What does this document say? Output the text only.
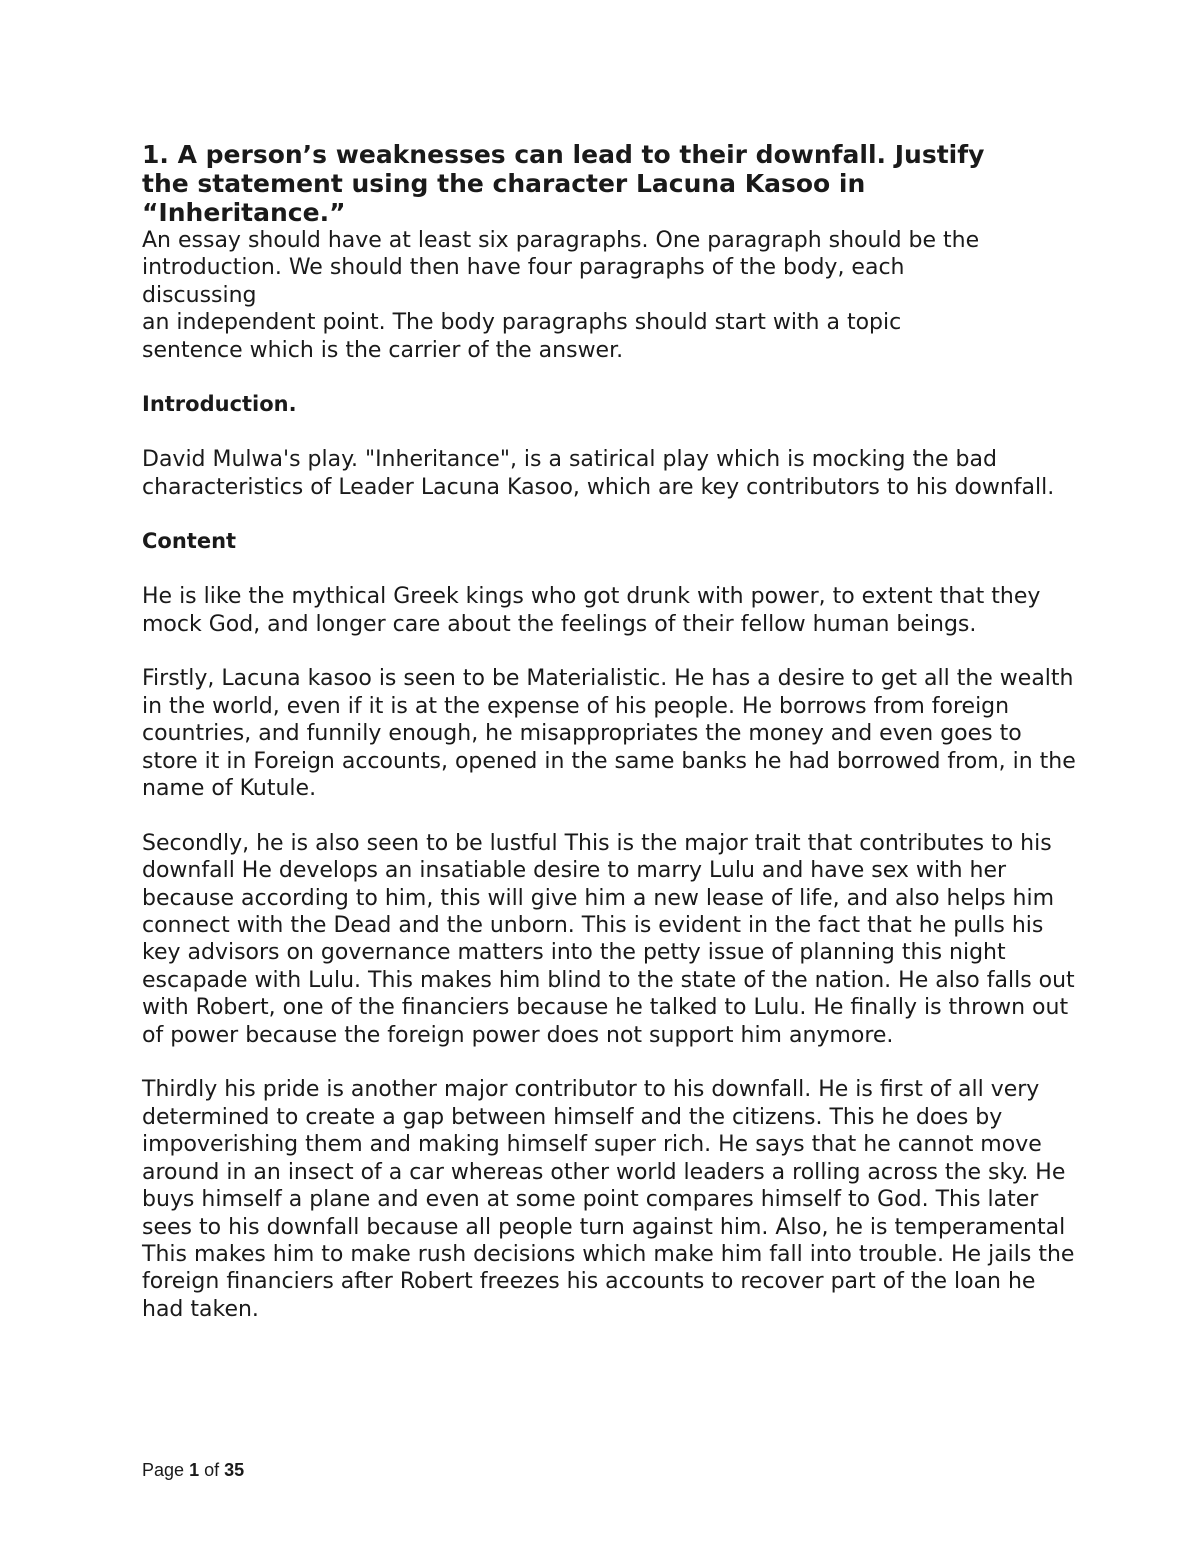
1. A person’s weaknesses can lead to their downfall. Justify
the statement using the character Lacuna Kasoo in
“Inheritance.”

An essay should have at least six paragraphs. One paragraph should be the
introduction. We should then have four paragraphs of the body, each
discussing
an independent point. The body paragraphs should start with a topic
sentence which is the carrier of the answer.

Introduction.

David Mulwa's play. "Inheritance", is a satirical play which is mocking the bad characteristics of Leader Lacuna Kasoo, which are key contributors to his downfall.

Content

He is like the mythical Greek kings who got drunk with power, to extent that they mock God, and longer care about the feelings of their fellow human beings.

Firstly, Lacuna kasoo is seen to be Materialistic. He has a desire to get all the wealth in the world, even if it is at the expense of his people. He borrows from foreign countries, and funnily enough, he misappropriates the money and even goes to store it in Foreign accounts, opened in the same banks he had borrowed from, in the name of Kutule.

Secondly, he is also seen to be lustful This is the major trait that contributes to his downfall He develops an insatiable desire to marry Lulu and have sex with her because according to him, this will give him a new lease of life, and also helps him connect with the Dead and the unborn. This is evident in the fact that he pulls his key advisors on governance matters into the petty issue of planning this night escapade with Lulu. This makes him blind to the state of the nation. He also falls out with Robert, one of the financiers because he talked to Lulu. He finally is thrown out of power because the foreign power does not support him anymore.

Thirdly his pride is another major contributor to his downfall. He is first of all very determined to create a gap between himself and the citizens. This he does by impoverishing them and making himself super rich. He says that he cannot move around in an insect of a car whereas other world leaders a rolling across the sky. He buys himself a plane and even at some point compares himself to God. This later sees to his downfall because all people turn against him. Also, he is temperamental This makes him to make rush decisions which make him fall into trouble. He jails the foreign financiers after Robert freezes his accounts to recover part of the loan he had taken.

Page 1 of 35
